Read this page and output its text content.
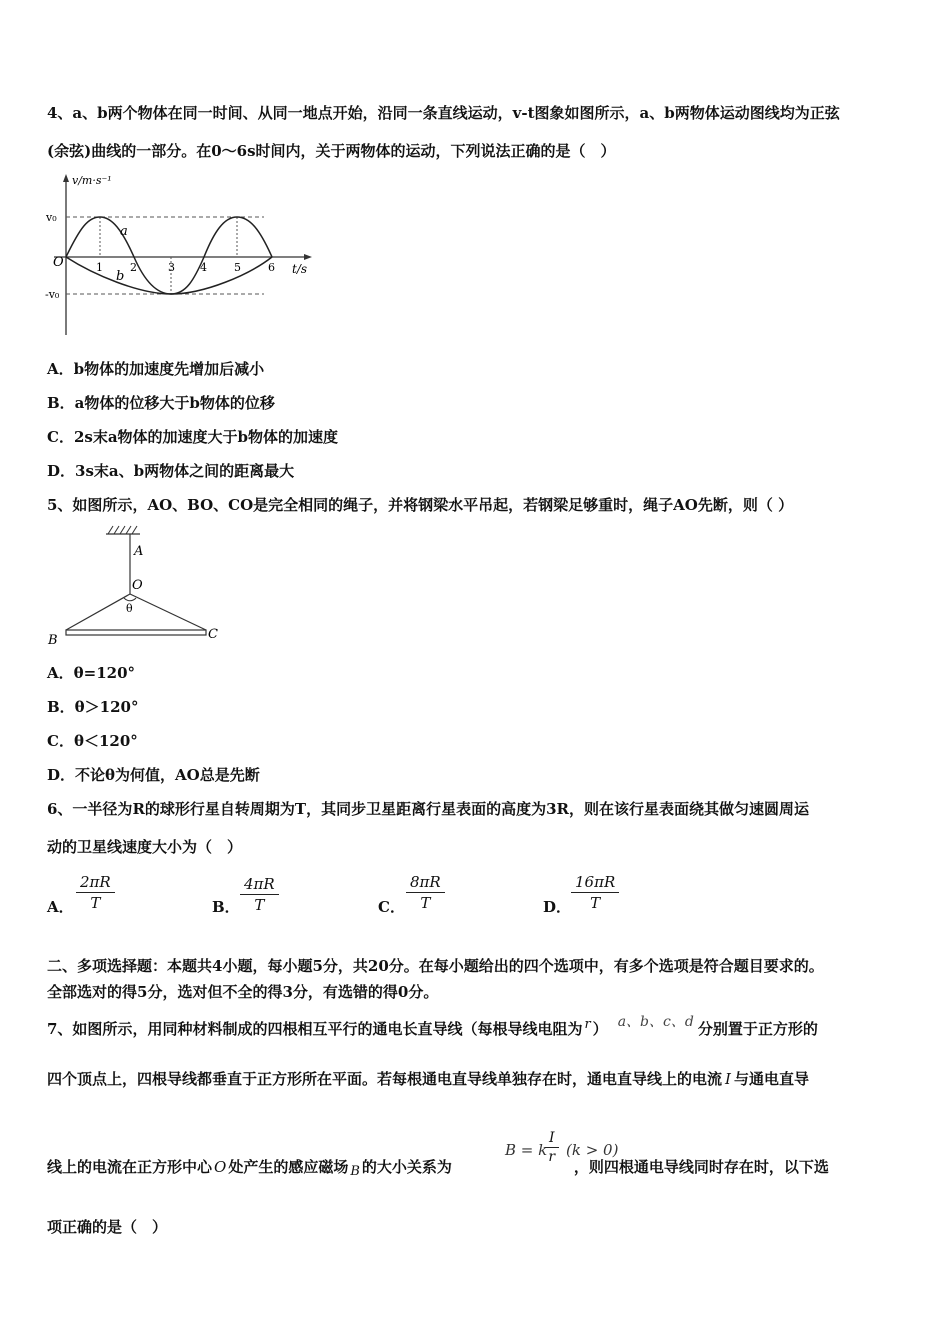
4、a、b两个物体在同一时间、从同一地点开始，沿同一条直线运动，v-t图象如图所示，a、b两物体运动图线均为正弦
(余弦)曲线的一部分。在0～6s时间内，关于两物体的运动，下列说法正确的是（　）
v/m·s⁻¹
t/s
O
v₀
-v₀
a
b
1 2	3 4 5 6
A．b物体的加速度先增加后减小
B．a物体的位移大于b物体的位移
C．2s末a物体的加速度大于b物体的加速度
D．3s末a、b两物体之间的距离最大
5、如图所示，AO、BO、CO是完全相同的绳子，并将钢梁水平吊起，若钢梁足够重时，绳子AO先断，则（ ）
A
O
θ
B	C
A．θ=120°
B．θ＞120°
C．θ＜120°
D．不论θ为何值，AO总是先断
6、一半径为R的球形行星自转周期为T，其同步卫星距离行星表面的高度为3R，则在该行星表面绕其做匀速圆周运
动的卫星线速度大小为（　）
A． $\frac{2\pi R}{T}$	B． $\frac{4\pi R}{T}$	C． $\frac{8\pi R}{T}$	D． $\frac{16\pi R}{T}$
二、多项选择题：本题共4小题，每小题5分，共20分。在每小题给出的四个选项中，有多个选项是符合题目要求的。
全部选对的得5分，选对但不全的得3分，有选错的得0分。
7、如图所示，用同种材料制成的四根相互平行的通电长直导线（每根导线电阻为 r ） a、b、c、d 分别置于正方形的
四个顶点上，四根导线都垂直于正方形所在平面。若每根通电直导线单独存在时，通电直导线上的电流 I 与通电直导
线上的电流在正方形中心 O 处产生的感应磁场 B 的大小关系为	，则四根通电导线同时存在时，以下选
B = k
$\frac{I}{r} (k > 0)$
项正确的是（　）
